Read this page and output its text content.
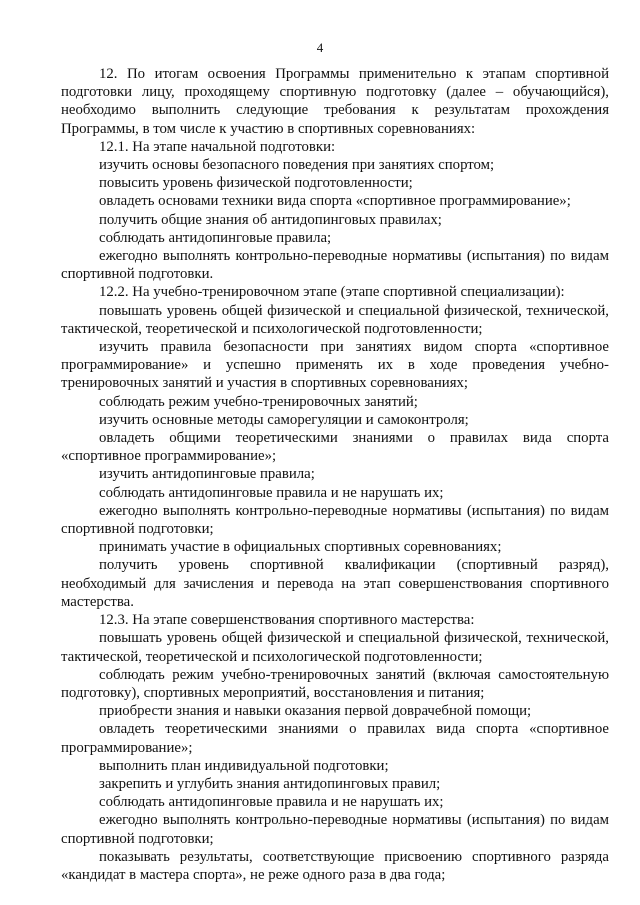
4

12. По итогам освоения Программы применительно к этапам спортивной подготовки лицу, проходящему спортивную подготовку (далее – обучающийся), необходимо выполнить следующие требования к результатам прохождения Программы, в том числе к участию в спортивных соревнованиях:

12.1. На этапе начальной подготовки:

изучить основы безопасного поведения при занятиях спортом;

повысить уровень физической подготовленности;

овладеть основами техники вида спорта «спортивное программирование»;

получить общие знания об антидопинговых правилах;

соблюдать антидопинговые правила;

ежегодно выполнять контрольно-переводные нормативы (испытания) по видам спортивной подготовки.

12.2. На учебно-тренировочном этапе (этапе спортивной специализации):

повышать уровень общей физической и специальной физической, технической, тактической, теоретической и психологической подготовленности;

изучить правила безопасности при занятиях видом спорта «спортивное программирование» и успешно применять их в ходе проведения учебно-тренировочных занятий и участия в спортивных соревнованиях;

соблюдать режим учебно-тренировочных занятий;

изучить основные методы саморегуляции и самоконтроля;

овладеть общими теоретическими знаниями о правилах вида спорта «спортивное программирование»;

изучить антидопинговые правила;

соблюдать антидопинговые правила и не нарушать их;

ежегодно выполнять контрольно-переводные нормативы (испытания) по видам спортивной подготовки;

принимать участие в официальных спортивных соревнованиях;

получить уровень спортивной квалификации (спортивный разряд), необходимый для зачисления и перевода на этап совершенствования спортивного мастерства.

12.3. На этапе совершенствования спортивного мастерства:

повышать уровень общей физической и специальной физической, технической, тактической, теоретической и психологической подготовленности;

соблюдать режим учебно-тренировочных занятий (включая самостоятельную подготовку), спортивных мероприятий, восстановления и питания;

приобрести знания и навыки оказания первой доврачебной помощи;

овладеть теоретическими знаниями о правилах вида спорта «спортивное программирование»;

выполнить план индивидуальной подготовки;

закрепить и углубить знания антидопинговых правил;

соблюдать антидопинговые правила и не нарушать их;

ежегодно выполнять контрольно-переводные нормативы (испытания) по видам спортивной подготовки;

показывать результаты, соответствующие присвоению спортивного разряда «кандидат в мастера спорта», не реже одного раза в два года;
